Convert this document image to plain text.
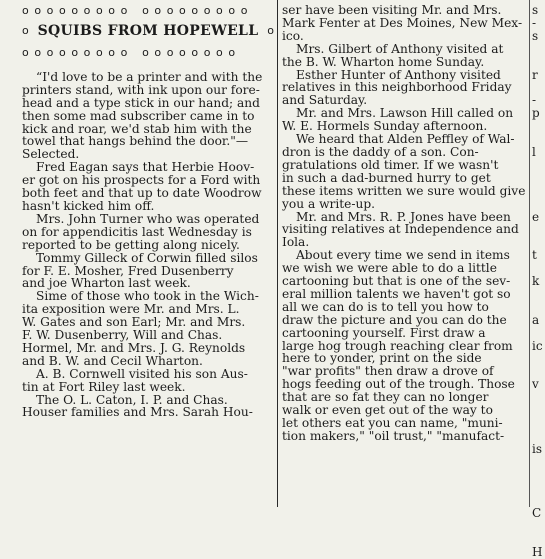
ooooooooo ooooooooo
o SQUIBS FROM HOPEWELL o
ooooooooo oooooooo

“I'd love to be a printer and with the
printers stand, with ink upon our fore-
head and a type stick in our hand; and
then some mad subscriber came in to
kick and roar, we'd stab him with the
towel that hangs behind the door."—
Selected.

Fred Eagan says that Herbie Hoov-
er got on his prospects for a Ford with
both feet and that up to date Woodrow
hasn't kicked him off.

Mrs. John Turner who was operated
on for appendicitis last Wednesday is
reported to be getting along nicely.

Tommy Gilleck of Corwin filled silos
for F. E. Mosher, Fred Dusenberry
and joe Wharton last week.

Sime of those who took in the Wich-
ita exposition were Mr. and Mrs. L.
W. Gates and son Earl; Mr. and Mrs.
F. W. Dusenberry, Will and Chas.
Hormel, Mr. and Mrs. J. G. Reynolds
and B. W. and Cecil Wharton.

A. B. Cornwell visited his son Aus-
tin at Fort Riley last week.

The O. L. Caton, I. P. and Chas.
Houser families and Mrs. Sarah Hou-

ser have been visiting Mr. and Mrs.
Mark Fenter at Des Moines, New Mex-
ico.

Mrs. Gilbert of Anthony visited at
the B. W. Wharton home Sunday.

Esther Hunter of Anthony visited
relatives in this neighborhood Friday
and Saturday.

Mr. and Mrs. Lawson Hill called on
W. E. Hormels Sunday afternoon.

We heard that Alden Peffley of Wal-
dron is the daddy of a son. Con-
gratulations old timer. If we wasn't
in such a dad-burned hurry to get
these items written we sure would give
you a write-up.

Mr. and Mrs. R. P. Jones have been
visiting relatives at Independence and
Iola.

About every time we send in items
we wish we were able to do a little
cartooning but that is one of the sev-
eral million talents we haven't got so
all we can do is to tell you how to
draw the picture and you can do the
cartooning yourself. First draw a
large hog trough reaching clear from
here to yonder, print on the side
"war profits" then draw a drove of
hogs feeding out of the trough. Those
that are so fat they can no longer
walk or even get out of the way to
let others eat you can name, "muni-
tion makers," "oil trust," "manufact-

s
-
s

r

-
p

l

e

t

k

a

ic

v

is

C

H
